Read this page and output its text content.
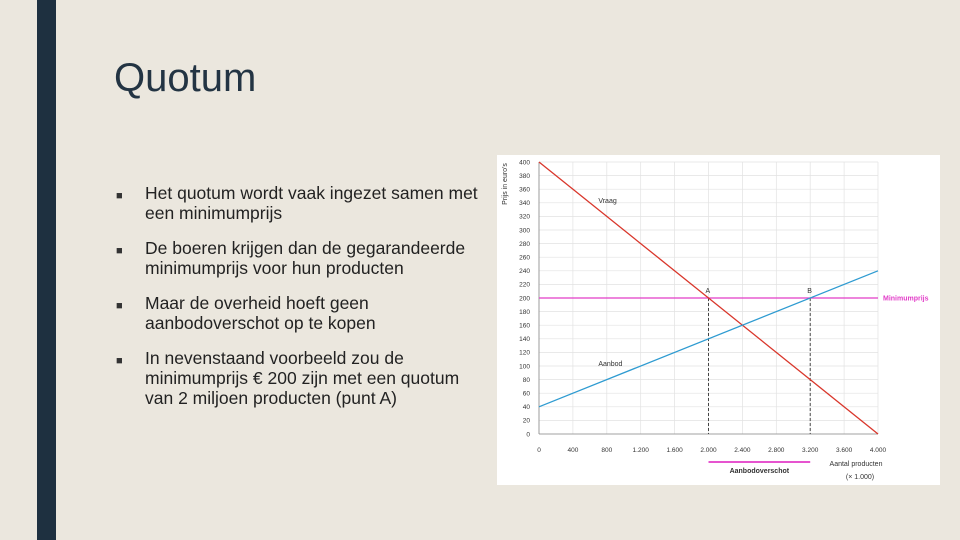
Quotum
■ Het quotum wordt vaak ingezet samen met een minimumprijs
■ De boeren krijgen dan de gegarandeerde minimumprijs voor hun producten
■ Maar de overheid hoeft geen aanbodoverschot op te kopen
■ In nevenstaand voorbeeld zou de minimumprijs € 200 zijn met een quotum van 2 miljoen producten (punt A)
0
20
40
60
80
100
120
140
160
180
200
220
240
260
280
300
320
340
360
380
400
0	400	800	1.200	1.600	2.000	2.400	2.800	3.200	3.600	4.000
Prijs in euro's
Aantal producten
(× 1.000)
Minimumprijs
Vraag
Aanbod
A	B
Aanbodoverschot
